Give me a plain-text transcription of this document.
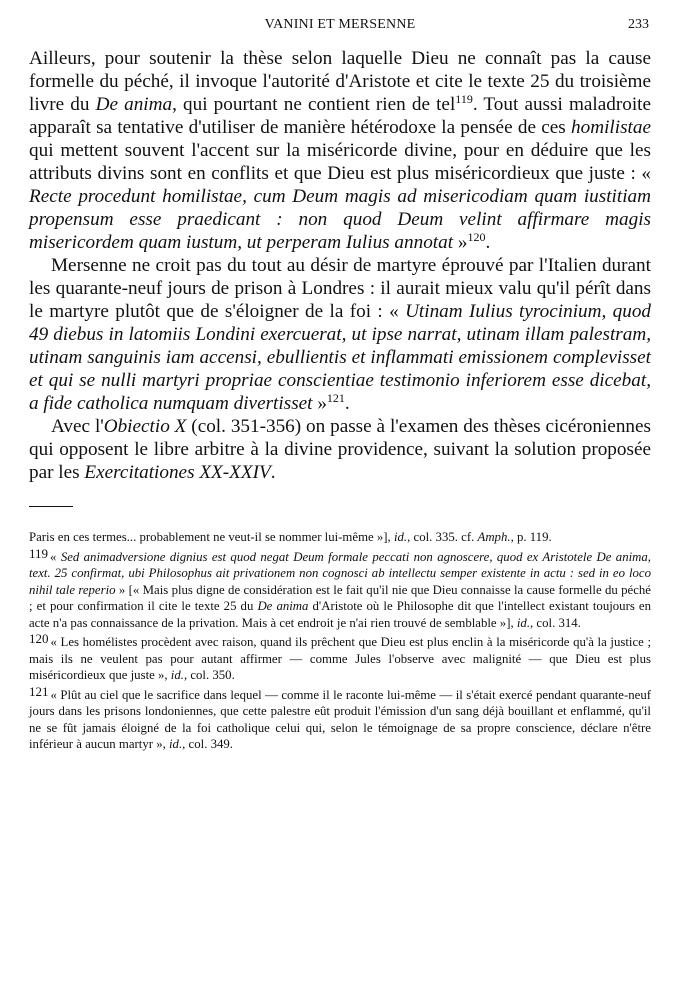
VANINI ET MERSENNE	233

Ailleurs, pour soutenir la thèse selon laquelle Dieu ne connaît pas la cause formelle du péché, il invoque l'autorité d'Aristote et cite le texte 25 du troisième livre du De anima, qui pourtant ne contient rien de tel$^{119}$. Tout aussi maladroite apparaît sa tentative d'utiliser de manière hétérodoxe la pensée de ces homilistae qui mettent souvent l'accent sur la miséricorde divine, pour en déduire que les attributs divins sont en conflits et que Dieu est plus miséricordieux que juste : « Recte procedunt homilistae, cum Deum magis ad misericodiam quam iustitiam propensum esse praedicant : non quod Deum velint affirmare magis misericordem quam iustum, ut perperam Iulius annotat »$^{120}$.

Mersenne ne croit pas du tout au désir de martyre éprouvé par l'Italien durant les quarante-neuf jours de prison à Londres : il aurait mieux valu qu'il pérît dans le martyre plutôt que de s'éloigner de la foi : « Utinam Iulius tyrocinium, quod 49 diebus in latomiis Londini exercuerat, ut ipse narrat, utinam illam palestram, utinam sanguinis iam accensi, ebullientis et inflammati emissionem complevisset et qui se nulli martyri propriae conscientiae testimonio inferiorem esse dicebat, a fide catholica numquam divertisset »$^{121}$.

Avec l'Obiectio X (col. 351-356) on passe à l'examen des thèses cicéroniennes qui opposent le libre arbitre à la divine providence, suivant la solution proposée par les Exercitationes XX-XXIV.

Paris en ces termes... probablement ne veut-il se nommer lui-même »], id., col. 335. cf. Amph., p. 119.

$^{119}$ « Sed animadversione dignius est quod negat Deum formale peccati non agnoscere, quod ex Aristotele De anima, text. 25 confirmat, ubi Philosophus ait privationem non cognosci ab intellectu semper existente in actu : sed in eo loco nihil tale reperio » [« Mais plus digne de considération est le fait qu'il nie que Dieu connaisse la cause formelle du péché ; et pour confirmation il cite le texte 25 du De anima d'Aristote où le Philosophe dit que l'intellect existant toujours en acte n'a pas connaissance de la privation. Mais à cet endroit je n'ai rien trouvé de semblable »], id., col. 314.

$^{120}$ « Les homélistes procèdent avec raison, quand ils prêchent que Dieu est plus enclin à la miséricorde qu'à la justice ; mais ils ne veulent pas pour autant affirmer — comme Jules l'observe avec malignité — que Dieu est plus miséricordieux que juste », id., col. 350.

$^{121}$ « Plût au ciel que le sacrifice dans lequel — comme il le raconte lui-même — il s'était exercé pendant quarante-neuf jours dans les prisons londoniennes, que cette palestre eût produit l'émission d'un sang déjà bouillant et enflammé, qu'il ne se fût jamais éloigné de la foi catholique celui qui, selon le témoignage de sa propre conscience, déclare n'être inférieur à aucun martyr », id., col. 349.
